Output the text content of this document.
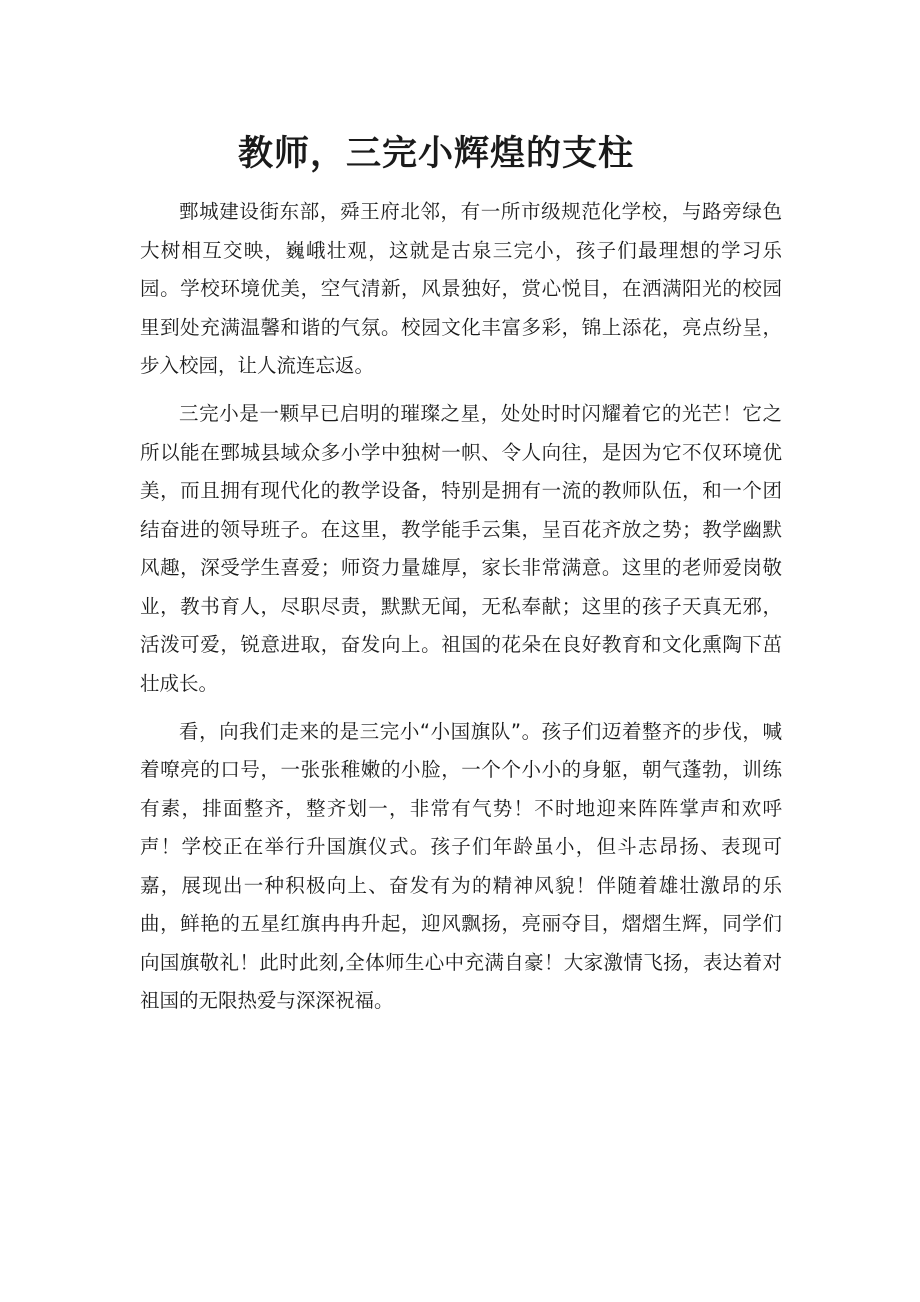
教师，三完小辉煌的支柱

鄄城建设街东部，舜王府北邻，有一所市级规范化学校，与路旁绿色大树相互交映，巍峨壮观，这就是古泉三完小，孩子们最理想的学习乐园。学校环境优美，空气清新，风景独好，赏心悦目，在洒满阳光的校园里到处充满温馨和谐的气氛。校园文化丰富多彩，锦上添花，亮点纷呈，步入校园，让人流连忘返。

三完小是一颗早已启明的璀璨之星，处处时时闪耀着它的光芒！它之所以能在鄄城县域众多小学中独树一帜、令人向往，是因为它不仅环境优美，而且拥有现代化的教学设备，特别是拥有一流的教师队伍，和一个团结奋进的领导班子。在这里，教学能手云集，呈百花齐放之势；教学幽默风趣，深受学生喜爱；师资力量雄厚，家长非常满意。这里的老师爱岗敬业，教书育人，尽职尽责，默默无闻，无私奉献；这里的孩子天真无邪，活泼可爱，锐意进取，奋发向上。祖国的花朵在良好教育和文化熏陶下茁壮成长。

看，向我们走来的是三完小“小国旗队”。孩子们迈着整齐的步伐，喊着嘹亮的口号，一张张稚嫩的小脸，一个个小小的身躯，朝气蓬勃，训练有素，排面整齐，整齐划一，非常有气势！不时地迎来阵阵掌声和欢呼声！学校正在举行升国旗仪式。孩子们年龄虽小，但斗志昂扬、表现可嘉，展现出一种积极向上、奋发有为的精神风貌！伴随着雄壮激昂的乐曲，鲜艳的五星红旗冉冉升起，迎风飘扬，亮丽夺目，熠熠生辉，同学们向国旗敬礼！此时此刻,全体师生心中充满自豪！大家激情飞扬，表达着对祖国的无限热爱与深深祝福。
